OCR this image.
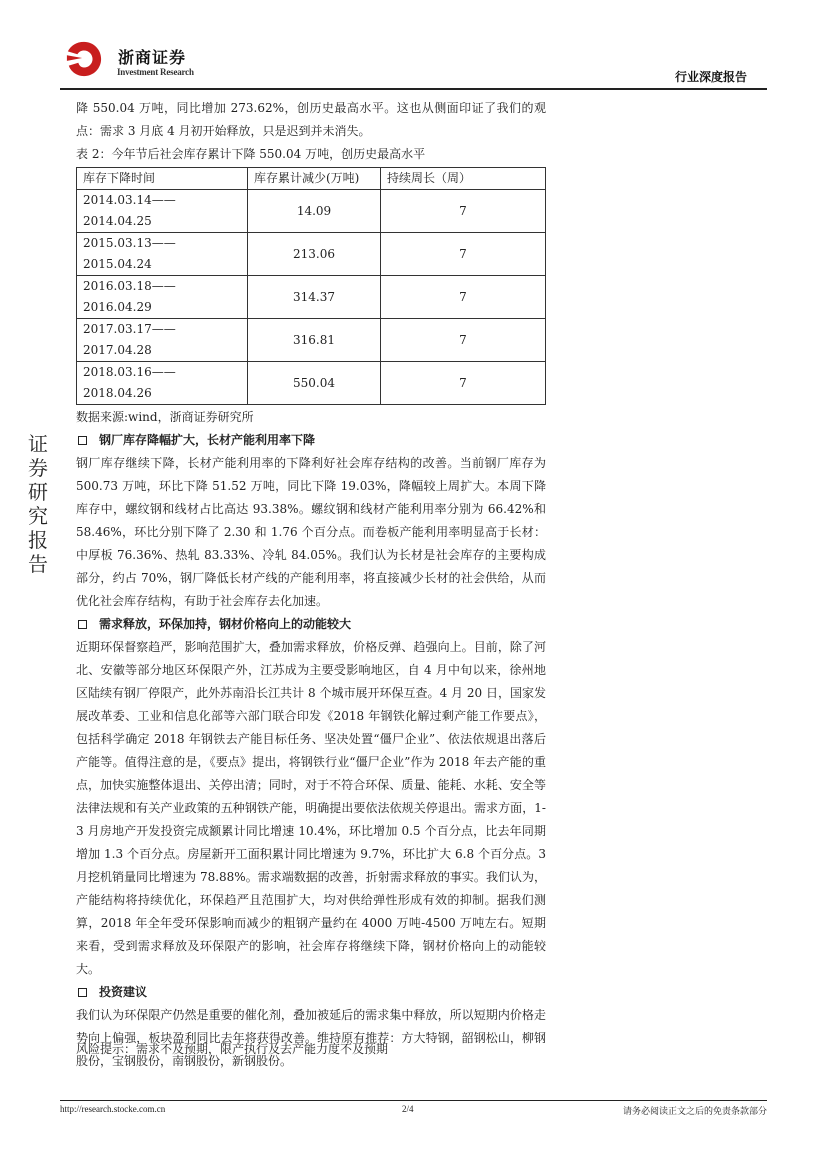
浙商证券
Investment Research	行业深度报告
证券研究报告

降 550.04 万吨，同比增加 273.62%，创历史最高水平。这也从侧面印证了我们的观点：需求 3 月底 4 月初开始释放，只是迟到并未消失。

表 2：今年节后社会库存累计下降 550.04 万吨，创历史最高水平

库存下降时间	库存累计减少(万吨)	持续周长（周）
2014.03.14——2014.04.25	14.09	7
2015.03.13——2015.04.24	213.06	7
2016.03.18——2016.04.29	314.37	7
2017.03.17——2017.04.28	316.81	7
2018.03.16——2018.04.26	550.04	7

数据来源:wind，浙商证券研究所

钢厂库存降幅扩大，长材产能利用率下降

钢厂库存继续下降，长材产能利用率的下降利好社会库存结构的改善。当前钢厂库存为 500.73 万吨，环比下降 51.52 万吨，同比下降 19.03%，降幅较上周扩大。本周下降库存中，螺纹钢和线材占比高达 93.38%。螺纹钢和线材产能利用率分别为 66.42%和 58.46%，环比分别下降了 2.30 和 1.76 个百分点。而卷板产能利用率明显高于长材：中厚板 76.36%、热轧 83.33%、冷轧 84.05%。我们认为长材是社会库存的主要构成部分，约占 70%，钢厂降低长材产线的产能利用率，将直接减少长材的社会供给，从而优化社会库存结构，有助于社会库存去化加速。

需求释放，环保加持，钢材价格向上的动能较大

近期环保督察趋严，影响范围扩大，叠加需求释放，价格反弹、趋强向上。目前，除了河北、安徽等部分地区环保限产外，江苏成为主要受影响地区，自 4 月中旬以来，徐州地区陆续有钢厂停限产，此外苏南沿长江共计 8 个城市展开环保互查。4 月 20 日，国家发展改革委、工业和信息化部等六部门联合印发《2018 年钢铁化解过剩产能工作要点》，包括科学确定 2018 年钢铁去产能目标任务、坚决处置“僵尸企业”、依法依规退出落后产能等。值得注意的是，《要点》提出，将钢铁行业“僵尸企业”作为 2018 年去产能的重点，加快实施整体退出、关停出清；同时，对于不符合环保、质量、能耗、水耗、安全等法律法规和有关产业政策的五种钢铁产能，明确提出要依法依规关停退出。需求方面，1-3 月房地产开发投资完成额累计同比增速 10.4%，环比增加 0.5 个百分点，比去年同期增加 1.3 个百分点。房屋新开工面积累计同比增速为 9.7%，环比扩大 6.8 个百分点。3 月挖机销量同比增速为 78.88%。需求端数据的改善，折射需求释放的事实。我们认为，产能结构将持续优化，环保趋严且范围扩大，均对供给弹性形成有效的抑制。据我们测算，2018 年全年受环保影响而减少的粗钢产量约在 4000 万吨-4500 万吨左右。短期来看，受到需求释放及环保限产的影响，社会库存将继续下降，钢材价格向上的动能较大。

投资建议

我们认为环保限产仍然是重要的催化剂，叠加被延后的需求集中释放，所以短期内价格走势向上偏强，板块盈利同比去年将获得改善。维持原有推荐：方大特钢，韶钢松山，柳钢股份，宝钢股份，南钢股份，新钢股份。

风险提示：需求不及预期，限产执行及去产能力度不及预期

http://research.stocke.com.cn	2/4	请务必阅读正文之后的免责条款部分
